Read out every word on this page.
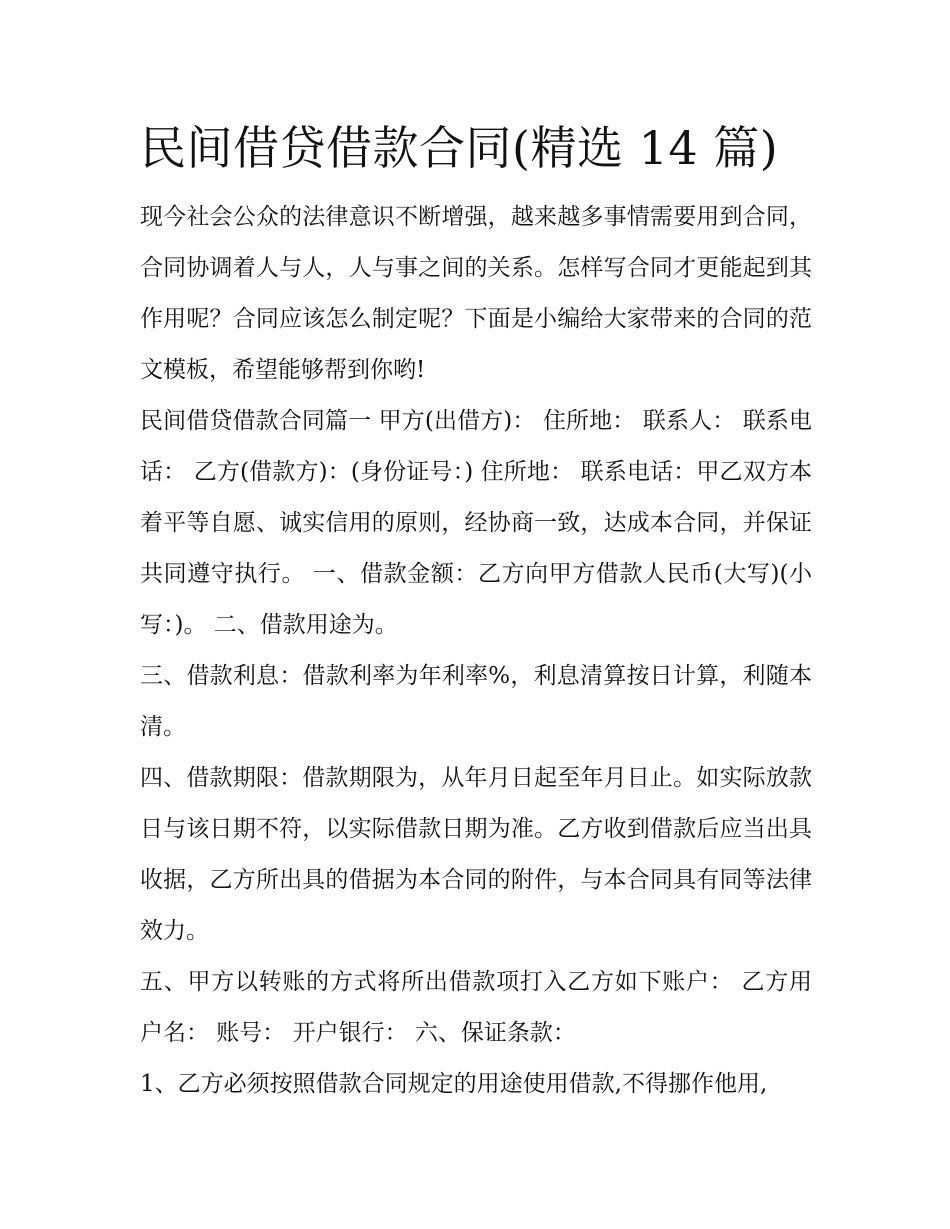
民间借贷借款合同(精选 14 篇)

现今社会公众的法律意识不断增强，越来越多事情需要用到合同，合同协调着人与人，人与事之间的关系。怎样写合同才更能起到其作用呢？合同应该怎么制定呢？下面是小编给大家带来的合同的范文模板，希望能够帮到你哟!

民间借贷借款合同篇一 甲方(出借方)： 住所地： 联系人： 联系电话： 乙方(借款方)：(身份证号：) 住所地： 联系电话：甲乙双方本着平等自愿、诚实信用的原则，经协商一致，达成本合同，并保证共同遵守执行。 一、借款金额：乙方向甲方借款人民币(大写)(小写：)。 二、借款用途为。

三、借款利息：借款利率为年利率%，利息清算按日计算，利随本清。

四、借款期限：借款期限为，从年月日起至年月日止。如实际放款日与该日期不符，以实际借款日期为准。乙方收到借款后应当出具收据，乙方所出具的借据为本合同的附件，与本合同具有同等法律效力。

五、甲方以转账的方式将所出借款项打入乙方如下账户： 乙方用户名： 账号： 开户银行： 六、保证条款：

1、乙方必须按照借款合同规定的用途使用借款,不得挪作他用,
